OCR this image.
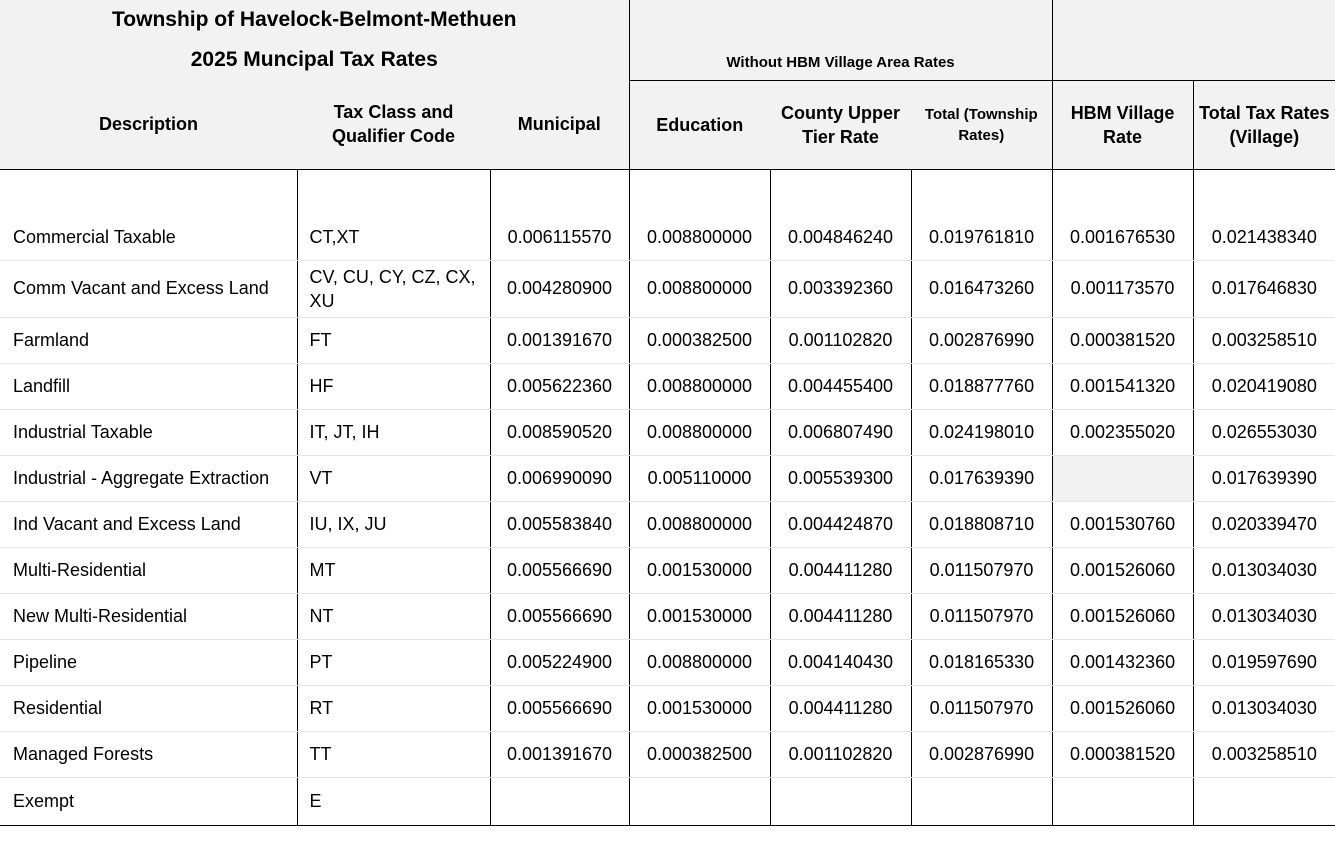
Township of Havelock-Belmont-Methuen
2025 Muncipal Tax Rates			Without HBM Village Area Rates				
Description	Tax Class and Qualifier Code	Municipal	Education	County Upper Tier Rate	Total (Township Rates)	HBM Village Rate	Total Tax Rates (Village)

Commercial Taxable	CT,XT	0.006115570	0.008800000	0.004846240	0.019761810	0.001676530	0.021438340
Comm Vacant and Excess Land	CV, CU, CY, CZ, CX, XU	0.004280900	0.008800000	0.003392360	0.016473260	0.001173570	0.017646830
Farmland	FT	0.001391670	0.000382500	0.001102820	0.002876990	0.000381520	0.003258510
Landfill	HF	0.005622360	0.008800000	0.004455400	0.018877760	0.001541320	0.020419080
Industrial Taxable	IT, JT, IH	0.008590520	0.008800000	0.006807490	0.024198010	0.002355020	0.026553030
Industrial - Aggregate Extraction	VT	0.006990090	0.005110000	0.005539300	0.017639390		0.017639390
Ind Vacant and Excess Land	IU, IX, JU	0.005583840	0.008800000	0.004424870	0.018808710	0.001530760	0.020339470
Multi-Residential	MT	0.005566690	0.001530000	0.004411280	0.011507970	0.001526060	0.013034030
New Multi-Residential	NT	0.005566690	0.001530000	0.004411280	0.011507970	0.001526060	0.013034030
Pipeline	PT	0.005224900	0.008800000	0.004140430	0.018165330	0.001432360	0.019597690
Residential	RT	0.005566690	0.001530000	0.004411280	0.011507970	0.001526060	0.013034030
Managed Forests	TT	0.001391670	0.000382500	0.001102820	0.002876990	0.000381520	0.003258510
Exempt	E						
